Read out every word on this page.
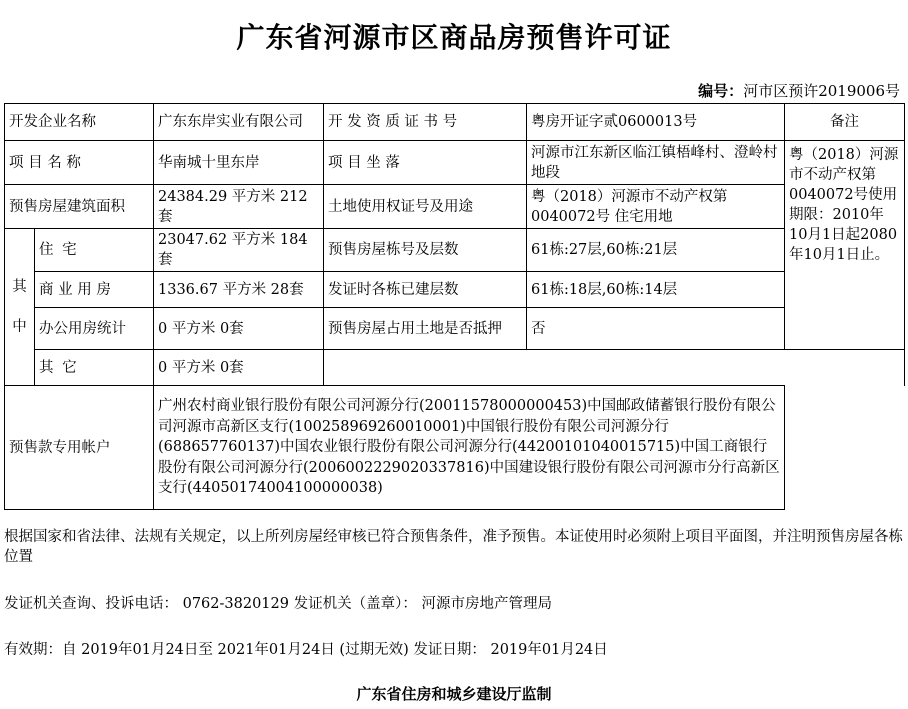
广东省河源市区商品房预售许可证
编号：河市区预许2019006号
开发企业名称		广东东岸实业有限公司	开 发 资 质 证 书 号	粤房开证字贰0600013号	备注	
项 目 名 称		华南城十里东岸	项 目 坐 落	河源市江东新区临江镇梧峰村、澄岭村地段	粤（2018）河源市不动产权第0040072号使用期限：2010年10月1日起2080年10月1日止。	
预售房屋建筑面积		24384.29 平方米 212套	土地使用权证号及用途	粤（2018）河源市不动产权第0040072号 住宅用地		
其

中	住 宅	23047.62 平方米 184套	预售房屋栋号及层数	61栋:27层,60栋:21层		
	商 业 用 房	1336.67 平方米 28套	发证时各栋已建层数	61栋:18层,60栋:14层		
	办公用房统计	0 平方米 0套	预售房屋占用土地是否抵押	否		
	其 它	0 平方米 0套				
预售款专用帐户		广州农村商业银行股份有限公司河源分行(20011578000000453)中国邮政储蓄银行股份有限公司河源市高新区支行(100258969260010001)中国银行股份有限公司河源分行(688657760137)中国农业银行股份有限公司河源分行(44200101040015715)中国工商银行股份有限公司河源分行(2006002229020337816)中国建设银行股份有限公司河源市分行高新区支行(44050174004100000038)				
根据国家和省法律、法规有关规定，以上所列房屋经审核已符合预售条件，准予预售。本证使用时必须附上项目平面图，并注明预售房屋各栋位置
发证机关查询、投诉电话： 0762-3820129 发证机关（盖章）： 河源市房地产管理局
有效期：自 2019年01月24日至 2021年01月24日 (过期无效) 发证日期： 2019年01月24日
广东省住房和城乡建设厅监制
